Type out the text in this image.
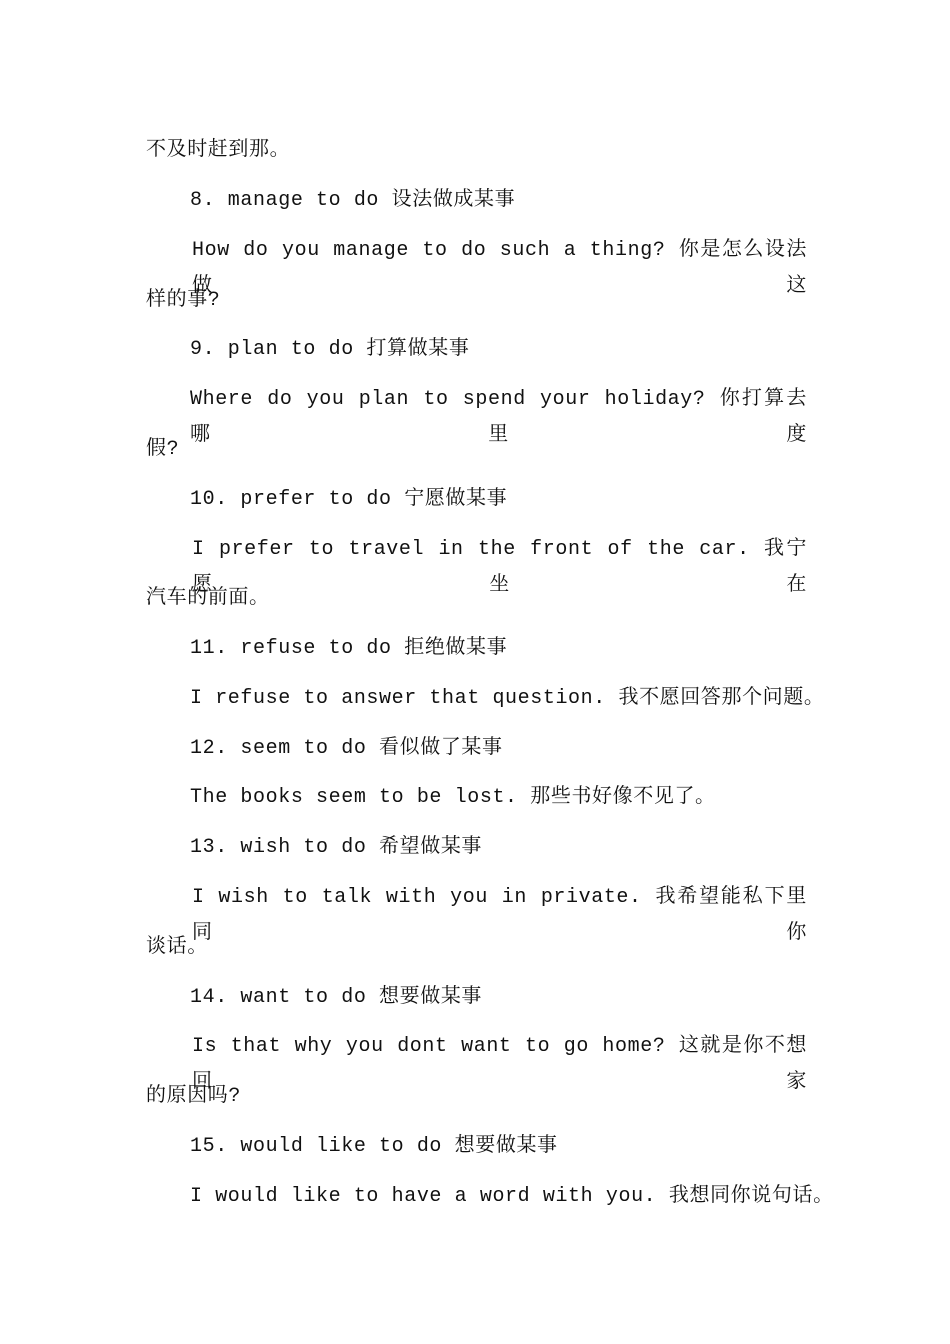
不及时赶到那。
8. manage to do 设法做成某事
How do you manage to do such a thing? 你是怎么设法做这
样的事?
9. plan to do 打算做某事
Where do you plan to spend your holiday? 你打算去哪里度
假?
10. prefer to do 宁愿做某事
I prefer to travel in the front of the car. 我宁愿坐在
汽车的前面。
11. refuse to do 拒绝做某事
I refuse to answer that question. 我不愿回答那个问题。
12. seem to do 看似做了某事
The books seem to be lost. 那些书好像不见了。
13. wish to do 希望做某事
I wish to talk with you in private. 我希望能私下里同你
谈话。
14. want to do 想要做某事
Is that why you dont want to go home? 这就是你不想回家
的原因吗?
15. would like to do 想要做某事
I would like to have a word with you. 我想同你说句话。
